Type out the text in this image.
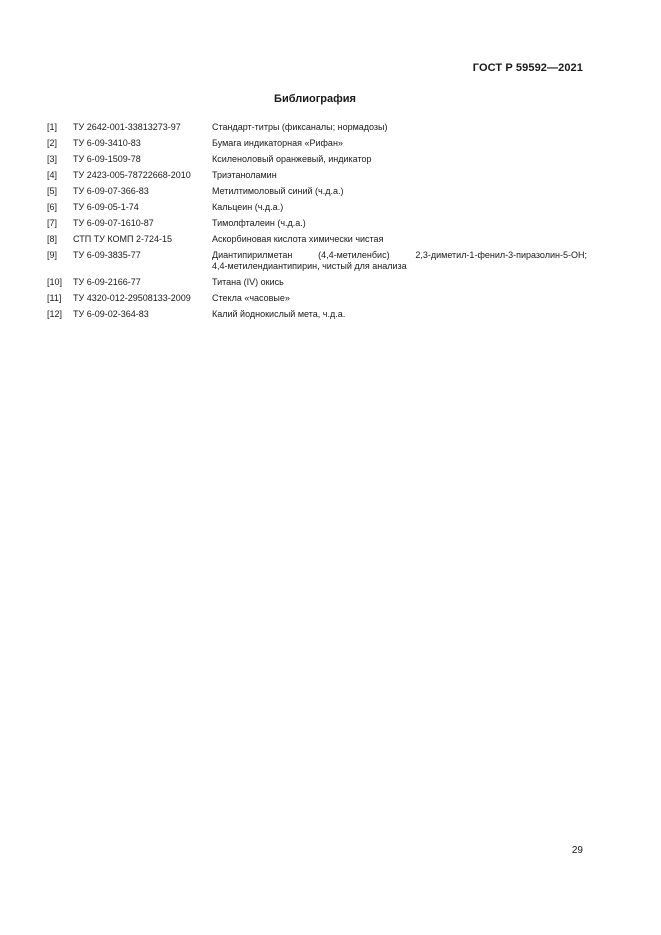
ГОСТ Р 59592—2021
Библиография
[1]	ТУ 2642-001-33813273-97	Стандарт-титры (фиксаналы; нормадозы)
[2]	ТУ 6-09-3410-83	Бумага индикаторная «Рифан»
[3]	ТУ 6-09-1509-78	Ксиленоловый оранжевый, индикатор
[4]	ТУ 2423-005-78722668-2010	Триэтаноламин
[5]	ТУ 6-09-07-366-83	Метилтимоловый синий (ч.д.а.)
[6]	ТУ 6-09-05-1-74	Кальцеин (ч.д.а.)
[7]	ТУ 6-09-07-1610-87	Тимолфталеин (ч.д.а.)
[8]	СТП ТУ КОМП 2-724-15	Аскорбиновая кислота химически чистая
[9]	ТУ 6-09-3835-77	Диантипирилметан (4,4-метиленбис) 2,3-диметил-1-фенил-3-пиразолин-5-ОН;
4,4-метилендиантипирин, чистый для анализа
[10]	ТУ 6-09-2166-77	Титана (IV) окись
[11]	ТУ 4320-012-29508133-2009	Стекла «часовые»
[12]	ТУ 6-09-02-364-83	Калий йоднокислый мета, ч.д.а.
29
